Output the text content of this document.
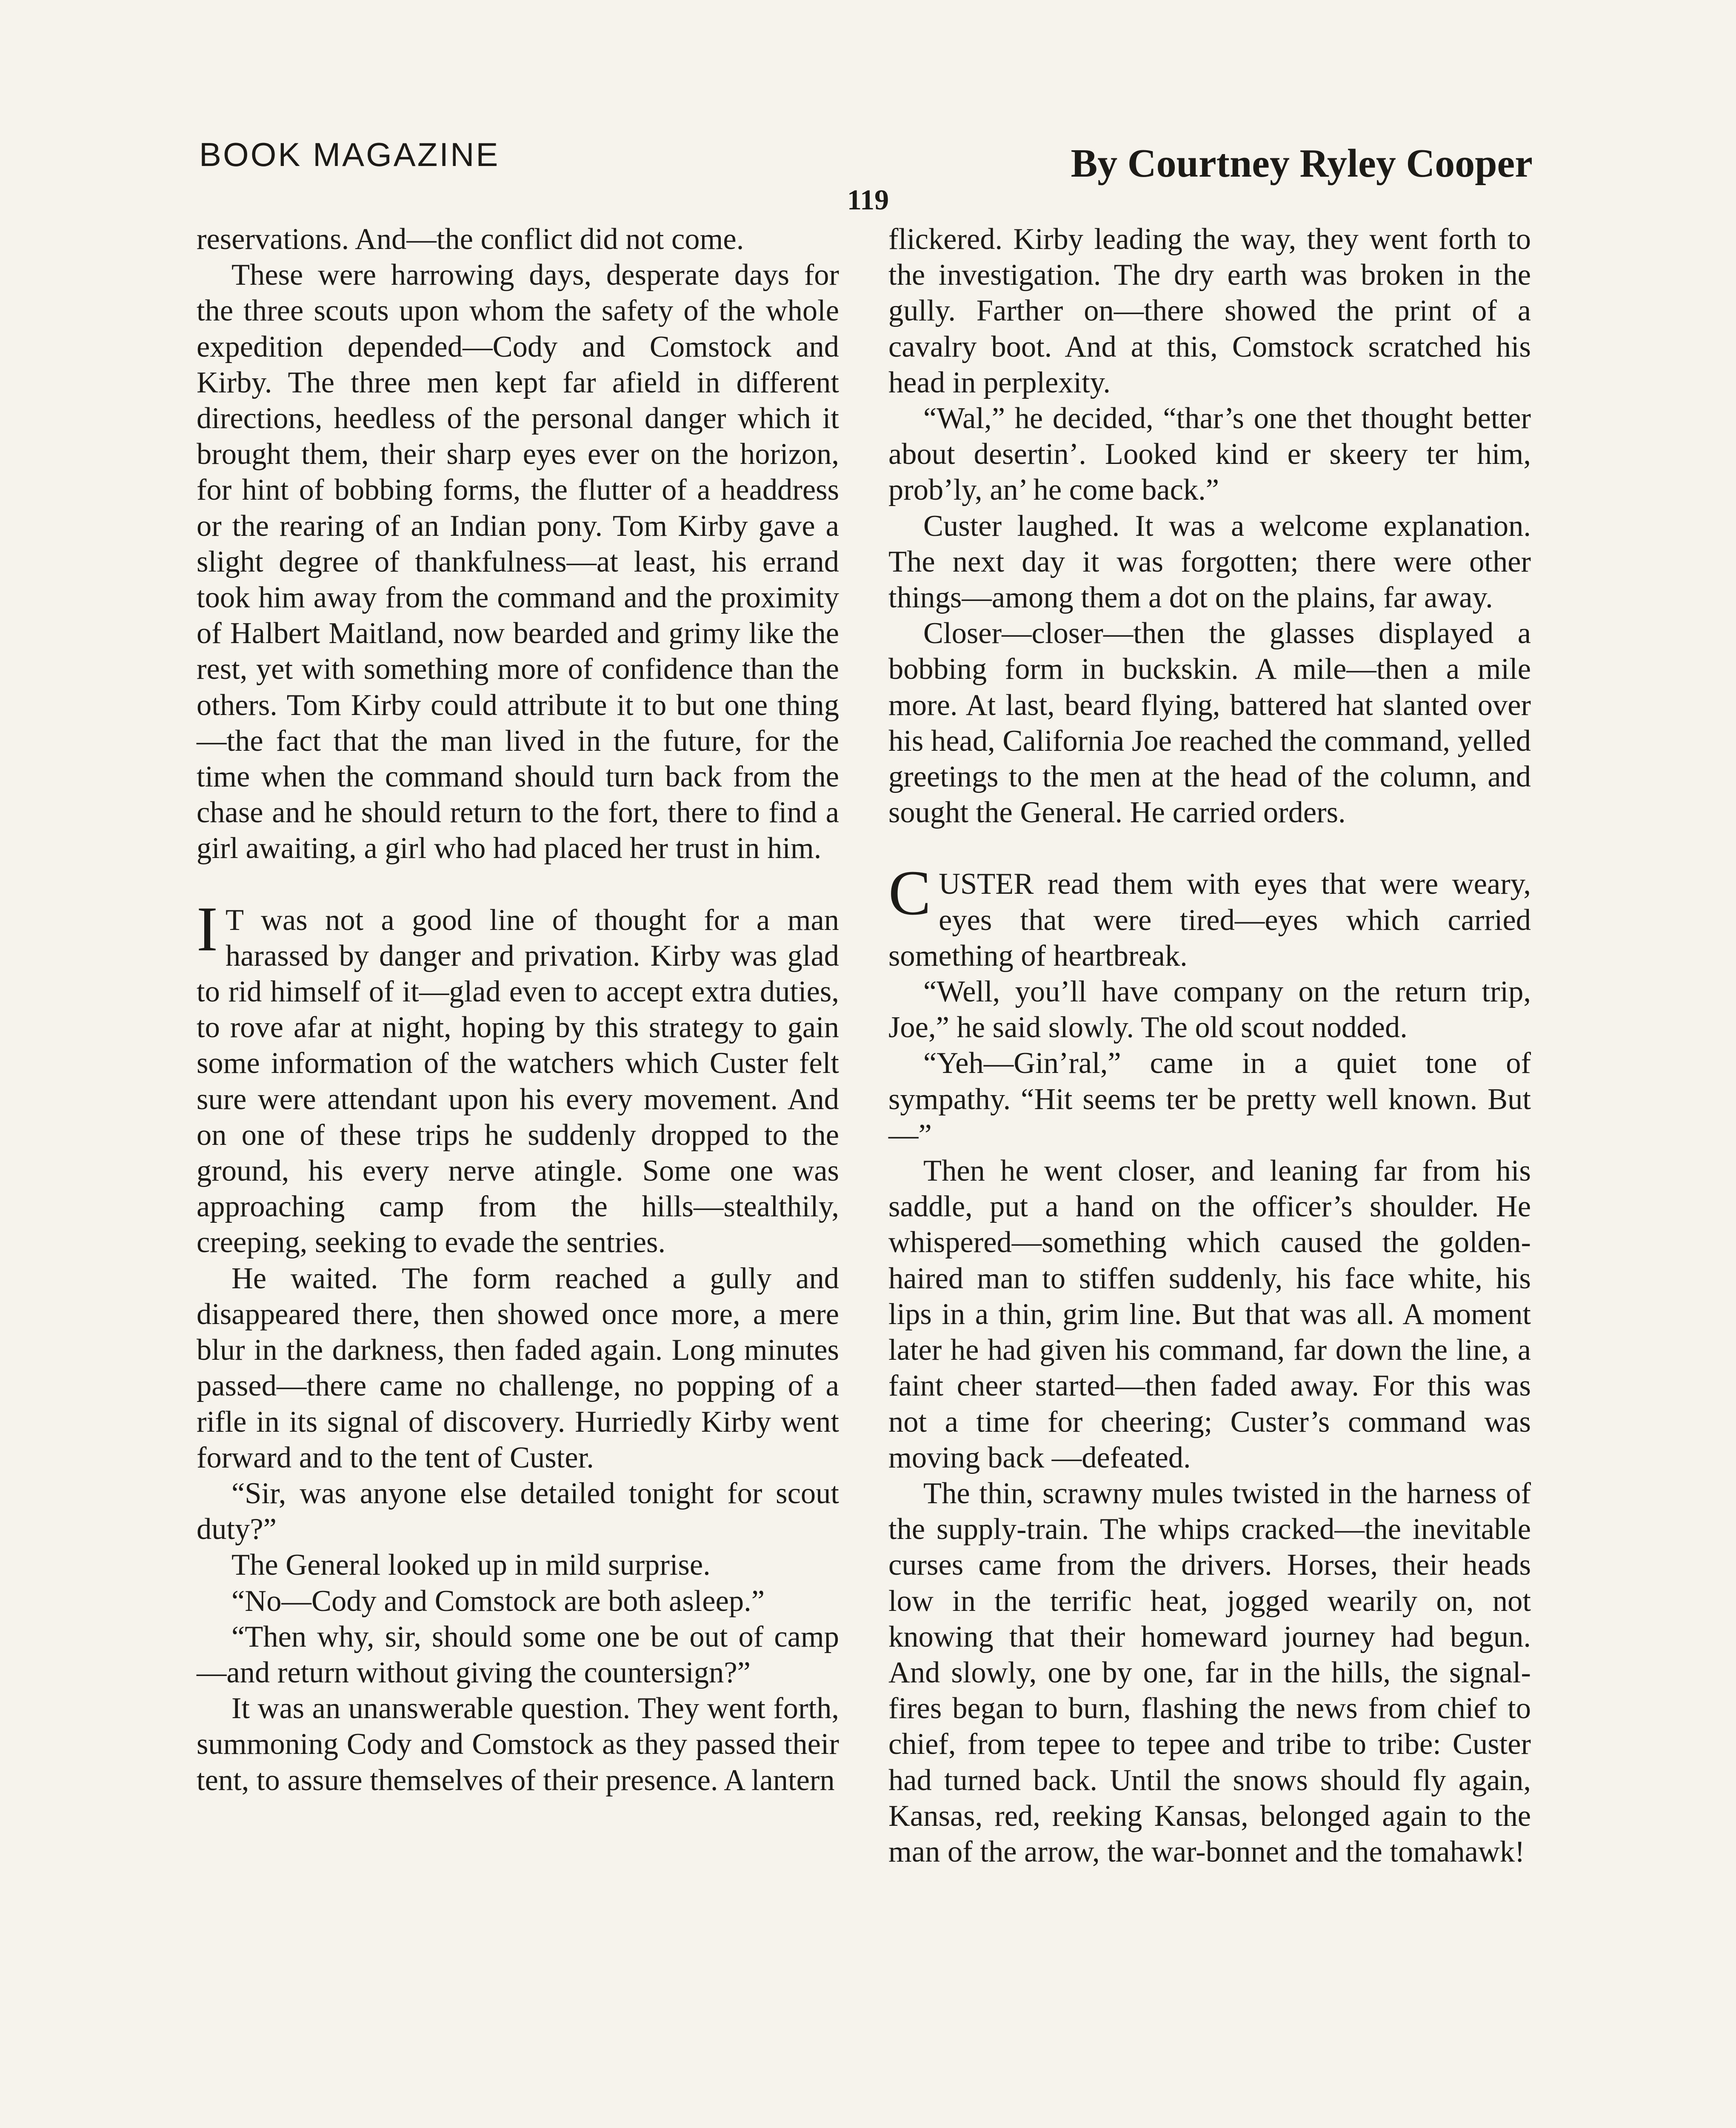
BOOK MAGAZINE	By Courtney Ryley Cooper
119

reservations. And—the conflict did not come.

These were harrowing days, desperate days for the three scouts upon whom the safety of the whole expedition depended—Cody and Comstock and Kirby. The three men kept far afield in different directions, heedless of the personal danger which it brought them, their sharp eyes ever on the horizon, for hint of bobbing forms, the flutter of a headdress or the rearing of an Indian pony. Tom Kirby gave a slight degree of thankfulness—at least, his errand took him away from the command and the proximity of Halbert Maitland, now bearded and grimy like the rest, yet with something more of confidence than the others. Tom Kirby could attribute it to but one thing—the fact that the man lived in the future, for the time when the command should turn back from the chase and he should return to the fort, there to find a girl awaiting, a girl who had placed her trust in him.

I T was not a good line of thought for a man harassed by danger and privation. Kirby was glad to rid himself of it—glad even to accept extra duties, to rove afar at night, hoping by this strategy to gain some information of the watchers which Custer felt sure were attendant upon his every movement. And on one of these trips he suddenly dropped to the ground, his every nerve atingle. Some one was approaching camp from the hills—stealthily, creeping, seeking to evade the sentries.

He waited. The form reached a gully and disappeared there, then showed once more, a mere blur in the darkness, then faded again. Long minutes passed—there came no challenge, no popping of a rifle in its signal of discovery. Hurriedly Kirby went forward and to the tent of Custer.

“Sir, was anyone else detailed tonight for scout duty?”

The General looked up in mild surprise.

“No—Cody and Comstock are both asleep.”

“Then why, sir, should some one be out of camp—and return without giving the countersign?”

It was an unanswerable question. They went forth, summoning Cody and Comstock as they passed their tent, to assure themselves of their presence. A lantern

flickered. Kirby leading the way, they went forth to the investigation. The dry earth was broken in the gully. Farther on—there showed the print of a cavalry boot. And at this, Comstock scratched his head in perplexity.

“Wal,” he decided, “thar’s one thet thought better about desertin’. Looked kind er skeery ter him, prob’ly, an’ he come back.”

Custer laughed. It was a welcome explanation. The next day it was forgotten; there were other things—among them a dot on the plains, far away.

Closer—closer—then the glasses displayed a bobbing form in buckskin. A mile—then a mile more. At last, beard flying, battered hat slanted over his head, California Joe reached the command, yelled greetings to the men at the head of the column, and sought the General. He carried orders.

CUSTER read them with eyes that were weary, eyes that were tired—eyes which carried something of heartbreak.

“Well, you’ll have company on the return trip, Joe,” he said slowly. The old scout nodded.

“Yeh—Gin’ral,” came in a quiet tone of sympathy. “Hit seems ter be pretty well known. But—”

Then he went closer, and leaning far from his saddle, put a hand on the officer’s shoulder. He whispered—something which caused the golden-haired man to stiffen suddenly, his face white, his lips in a thin, grim line. But that was all. A moment later he had given his command, far down the line, a faint cheer started—then faded away. For this was not a time for cheering; Custer’s command was moving back —defeated.

The thin, scrawny mules twisted in the harness of the supply-train. The whips cracked—the inevitable curses came from the drivers. Horses, their heads low in the terrific heat, jogged wearily on, not knowing that their homeward journey had begun. And slowly, one by one, far in the hills, the signal-fires began to burn, flashing the news from chief to chief, from tepee to tepee and tribe to tribe: Custer had turned back. Until the snows should fly again, Kansas, red, reeking Kansas, belonged again to the man of the arrow, the war-bonnet and the tomahawk!
